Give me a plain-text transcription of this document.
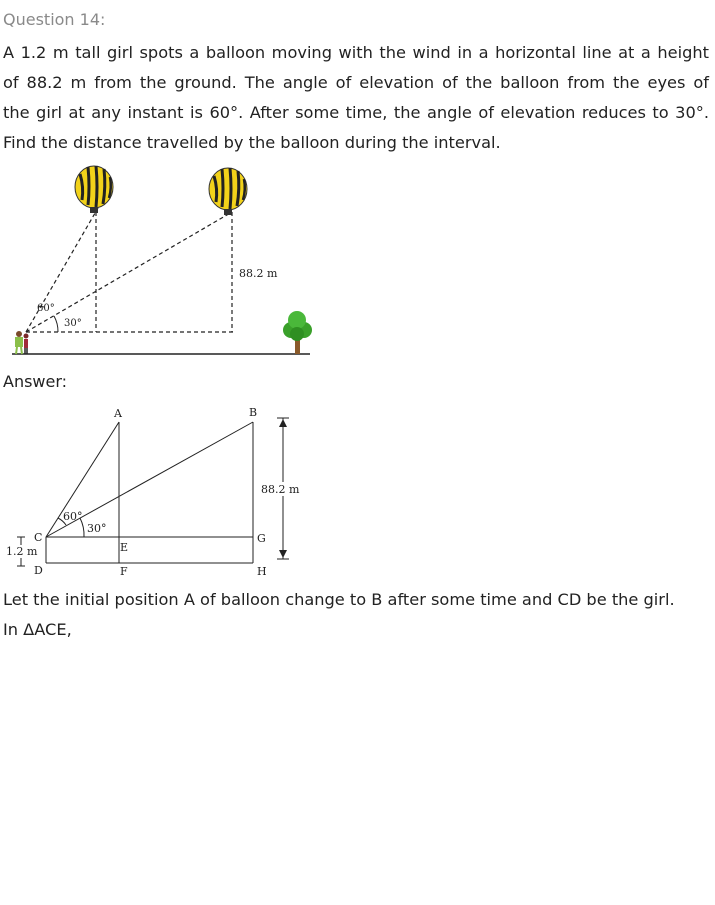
Question 14:
A 1.2 m tall girl spots a balloon moving with the wind in a horizontal line at a height
of 88.2 m from the ground. The angle of elevation of the balloon from the eyes of
the girl at any instant is 60°. After some time, the angle of elevation reduces to 30°.
Find the distance travelled by the balloon during the interval.
60°
30°
88.2 m
Answer:
60°
30°
A	B
C
D
E
F
G
H
88.2 m
1.2 m
Let the initial position A of balloon change to B after some time and CD be the girl.
In ΔACE,
